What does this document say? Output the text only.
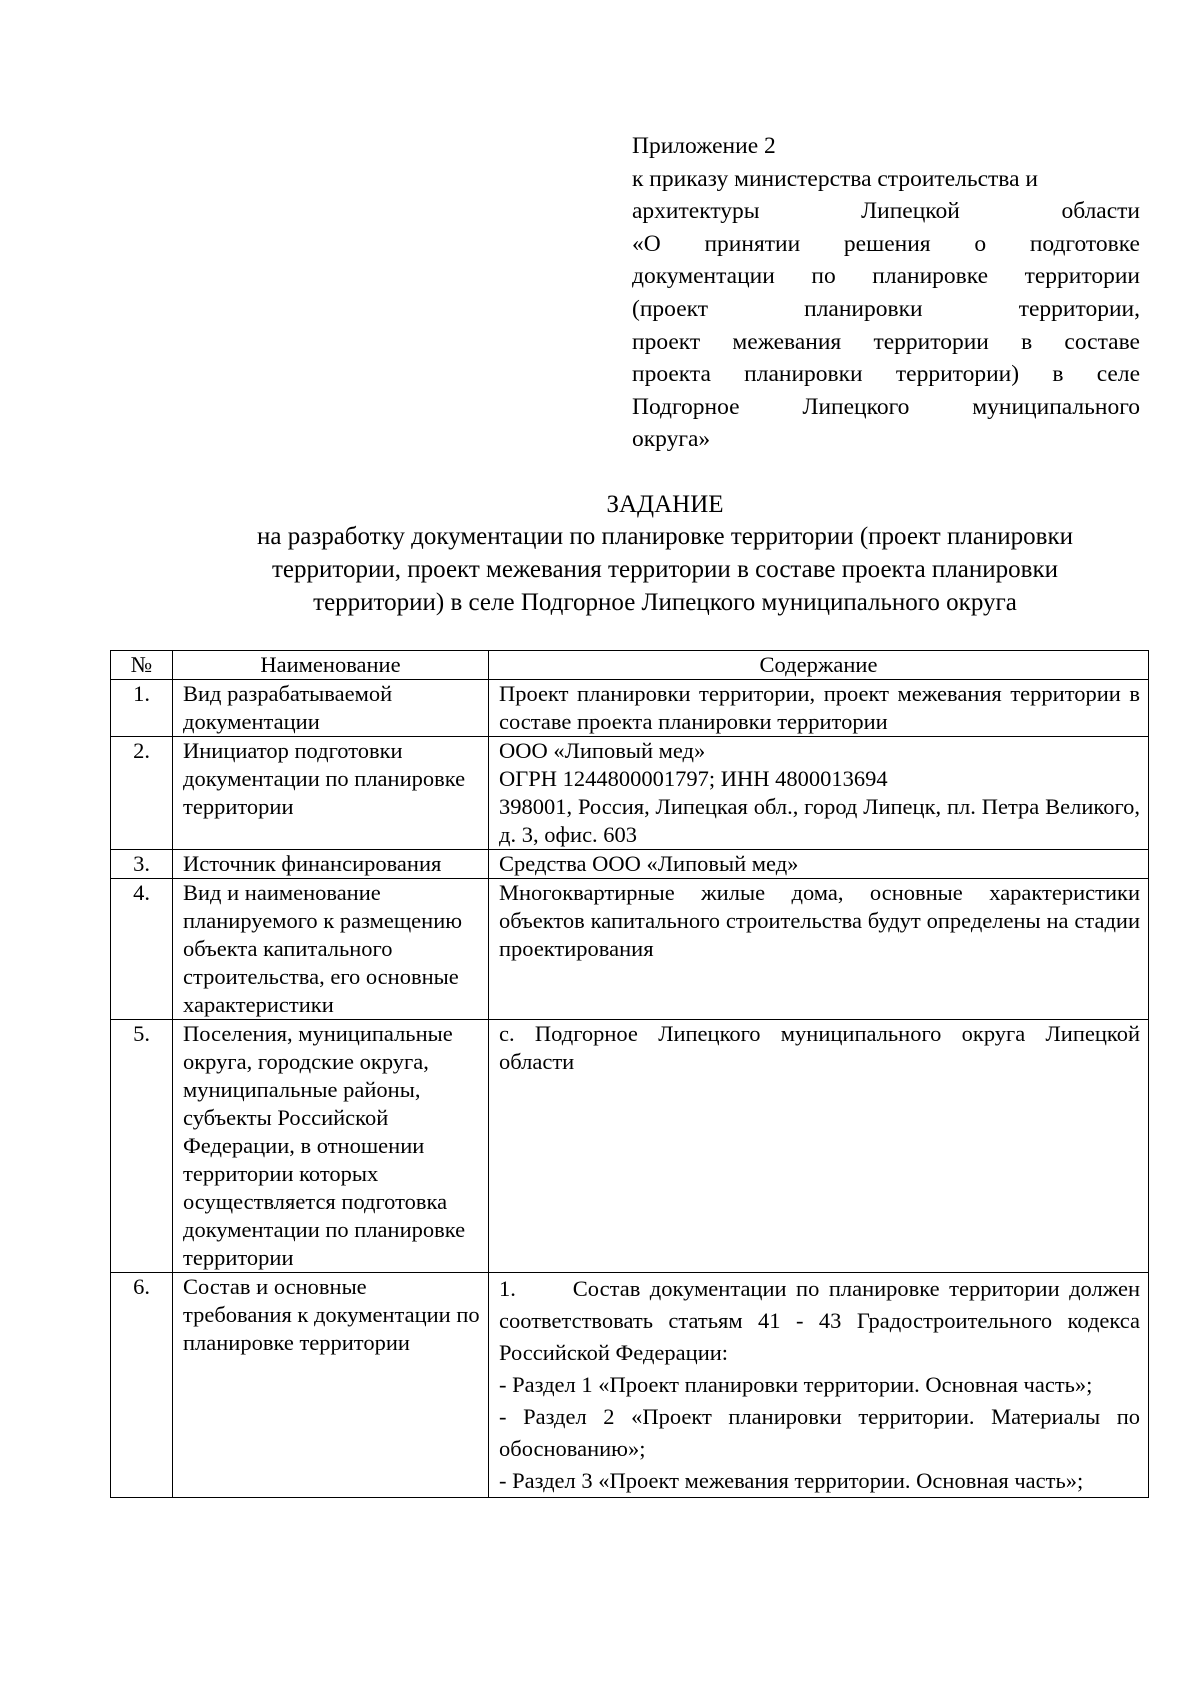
Приложение 2
к приказу министерства строительства и
архитектуры Липецкой области
«О принятии решения о подготовке
документации по планировке территории
(проект планировки территории,
проект межевания территории в составе
проекта планировки территории) в селе
Подгорное Липецкого муниципального
округа»
ЗАДАНИЕ
на разработку документации по планировке территории (проект планировки
территории, проект межевания территории в составе проекта планировки
территории) в селе Подгорное Липецкого муниципального округа
№	Наименование	Содержание
1.	Вид разрабатываемой документации	Проект планировки территории, проект межевания территории в составе проекта планировки территории

2.	Инициатор подготовки документации по планировке территории	ООО «Липовый мед»
ОГРН 1244800001797; ИНН 4800013694
398001, Россия, Липецкая обл., город Липецк, пл. Петра Великого, д. 3, офис. 603

3.	Источник финансирования	Средства ООО «Липовый мед»

4.	Вид и наименование планируемого к размещению объекта капитального строительства, его основные характеристики	Многоквартирные жилые дома, основные характеристики объектов капитального строительства будут определены на стадии проектирования

5.	Поселения, муниципальные округа, городские округа, муниципальные районы, субъекты Российской Федерации, в отношении территории которых осуществляется подготовка документации по планировке территории	с. Подгорное Липецкого муниципального округа Липецкой области

6.	Состав и основные требования к документации по планировке территории	1.      Состав документации по планировке территории должен соответствовать статьям 41 - 43 Градостроительного кодекса Российской Федерации:
- Раздел 1 «Проект планировки территории. Основная часть»;
- Раздел 2 «Проект планировки территории. Материалы по обоснованию»;
- Раздел 3 «Проект межевания территории. Основная часть»;
